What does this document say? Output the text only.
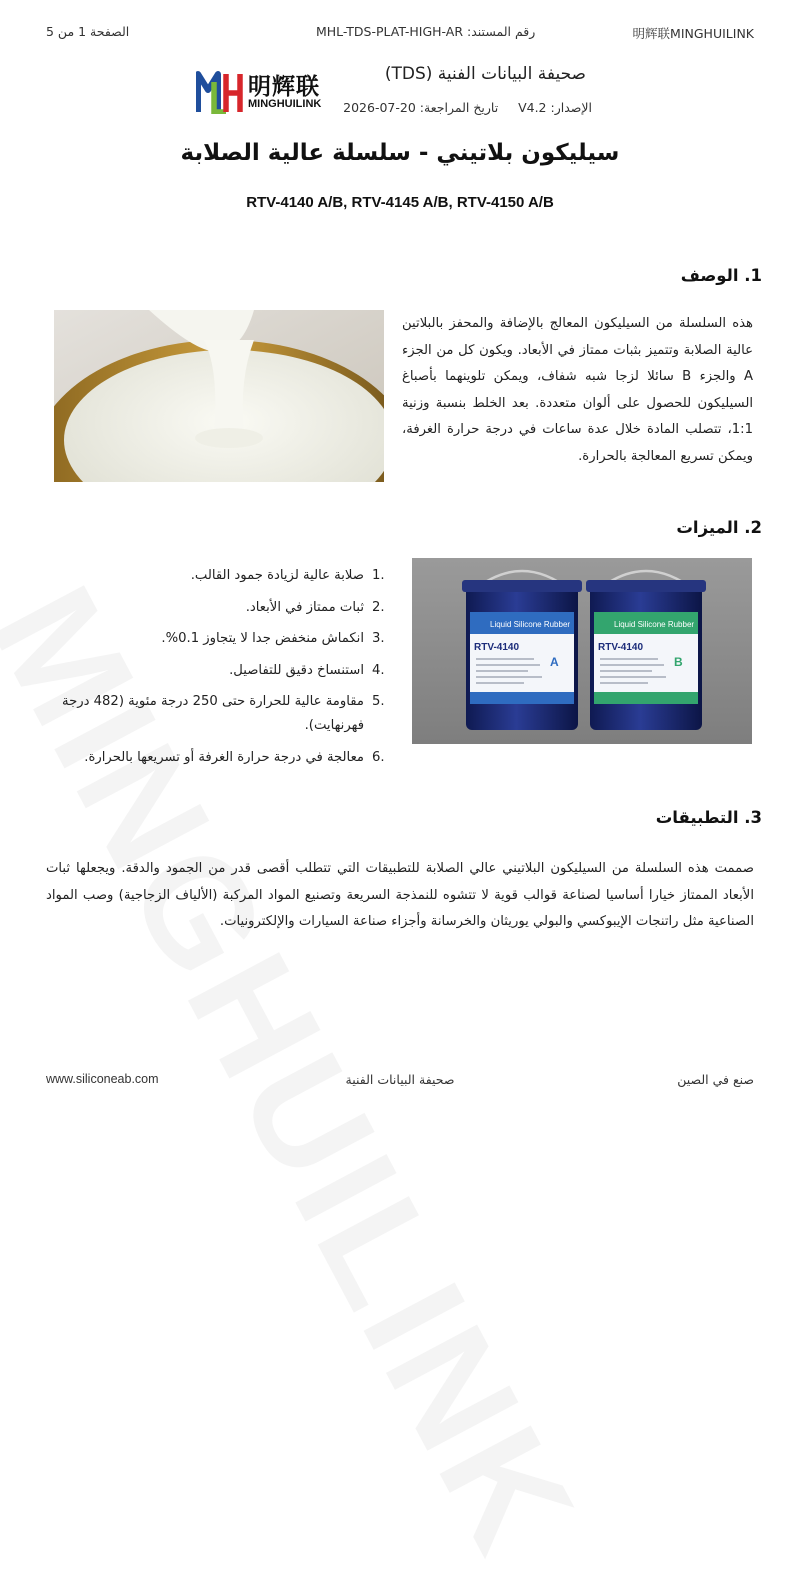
الصفحة 1 من 5	رقم المستند: MHL-TDS-PLAT-HIGH-AR	明辉联MINGHUILINK
明辉联
MINGHUILINK
صحيفة البيانات الفنية (TDS)
الإصدار: V4.2     تاريخ المراجعة: 2026-07-20
سيليكون بلاتيني - سلسلة عالية الصلابة
RTV-4140 A/B, RTV-4145 A/B, RTV-4150 A/B
1. الوصف
هذه السلسلة من السيليكون المعالج بالإضافة والمحفز بالبلاتين عالية الصلابة وتتميز بثبات ممتاز في الأبعاد. ويكون كل من الجزء A والجزء B سائلا لزجا شبه شفاف، ويمكن تلوينهما بأصباغ السيليكون للحصول على ألوان متعددة. بعد الخلط بنسبة وزنية 1:1، تتصلب المادة خلال عدة ساعات في درجة حرارة الغرفة، ويمكن تسريع المعالجة بالحرارة.
2. الميزات
1.
صلابة عالية لزيادة جمود القالب.
2.
ثبات ممتاز في الأبعاد.
3.
انكماش منخفض جدا لا يتجاوز 0.1%.
4.
استنساخ دقيق للتفاصيل.
5.
مقاومة عالية للحرارة حتى 250 درجة مئوية (482 درجة فهرنهايت).
6.
معالجة في درجة حرارة الغرفة أو تسريعها بالحرارة.
Liquid Silicone Rubber	Liquid Silicone Rubber
RTV-4140	RTV-4140
A	B
3. التطبيقات
صممت هذه السلسلة من السيليكون البلاتيني عالي الصلابة للتطبيقات التي تتطلب أقصى قدر من الجمود والدقة. ويجعلها ثبات الأبعاد الممتاز خيارا أساسيا لصناعة قوالب قوية لا تتشوه للنمذجة السريعة وتصنيع المواد المركبة (الألياف الزجاجية) وصب المواد الصناعية مثل راتنجات الإيبوكسي والبولي يوريثان والخرسانة وأجزاء صناعة السيارات والإلكترونيات.
www.siliconeab.com	صحيفة البيانات الفنية	صنع في الصين
